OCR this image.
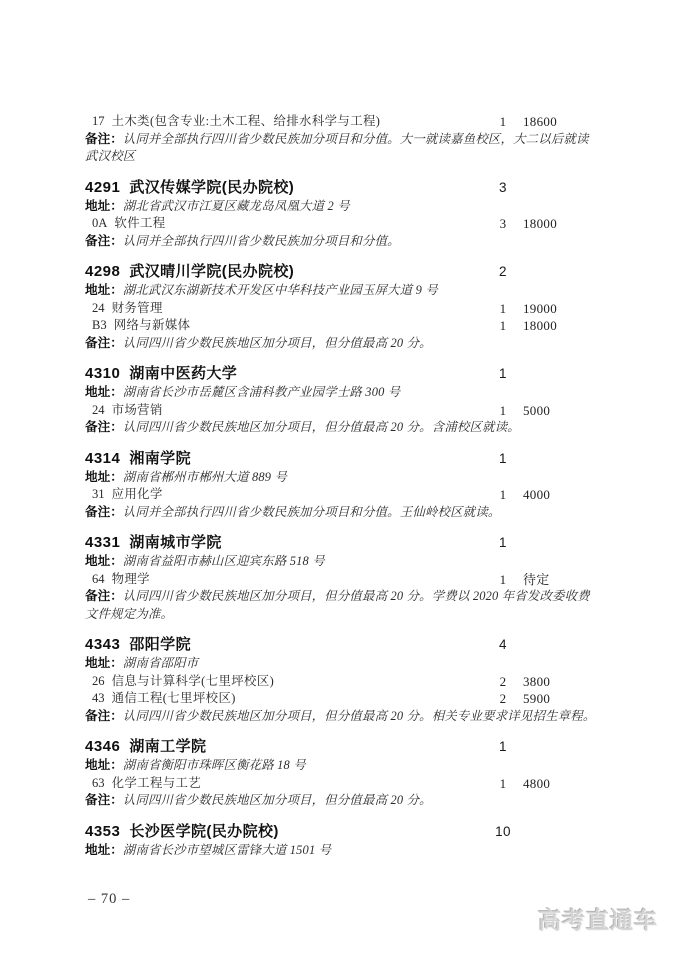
17 土木类(包含专业:土木工程、给排水科学与工程)	1	18600
备注：认同并全部执行四川省少数民族加分项目和分值。大一就读嘉鱼校区，大二以后就读武汉校区
4291 武汉传媒学院(民办院校)	3
地址：湖北省武汉市江夏区藏龙岛凤凰大道 2 号
0A 软件工程	3	18000
备注：认同并全部执行四川省少数民族加分项目和分值。
4298 武汉晴川学院(民办院校)	2
地址：湖北武汉东湖新技术开发区中华科技产业园玉屏大道 9 号
24 财务管理	1	19000
B3 网络与新媒体	1	18000
备注：认同四川省少数民族地区加分项目，但分值最高 20 分。
4310 湖南中医药大学	1
地址：湖南省长沙市岳麓区含浦科教产业园学士路 300 号
24 市场营销	1	5000
备注：认同四川省少数民族地区加分项目，但分值最高 20 分。含浦校区就读。
4314 湘南学院	1
地址：湖南省郴州市郴州大道 889 号
31 应用化学	1	4000
备注：认同并全部执行四川省少数民族加分项目和分值。王仙岭校区就读。
4331 湖南城市学院	1
地址：湖南省益阳市赫山区迎宾东路 518 号
64 物理学	1	待定
备注：认同四川省少数民族地区加分项目，但分值最高 20 分。学费以 2020 年省发改委收费文件规定为准。
4343 邵阳学院	4
地址：湖南省邵阳市
26 信息与计算科学(七里坪校区)	2	3800
43 通信工程(七里坪校区)	2	5900
备注：认同四川省少数民族地区加分项目，但分值最高 20 分。相关专业要求详见招生章程。
4346 湖南工学院	1
地址：湖南省衡阳市珠晖区衡花路 18 号
63 化学工程与工艺	1	4800
备注：认同四川省少数民族地区加分项目，但分值最高 20 分。
4353 长沙医学院(民办院校)	10
地址：湖南省长沙市望城区雷锋大道 1501 号
– 70 –
高考直通车
